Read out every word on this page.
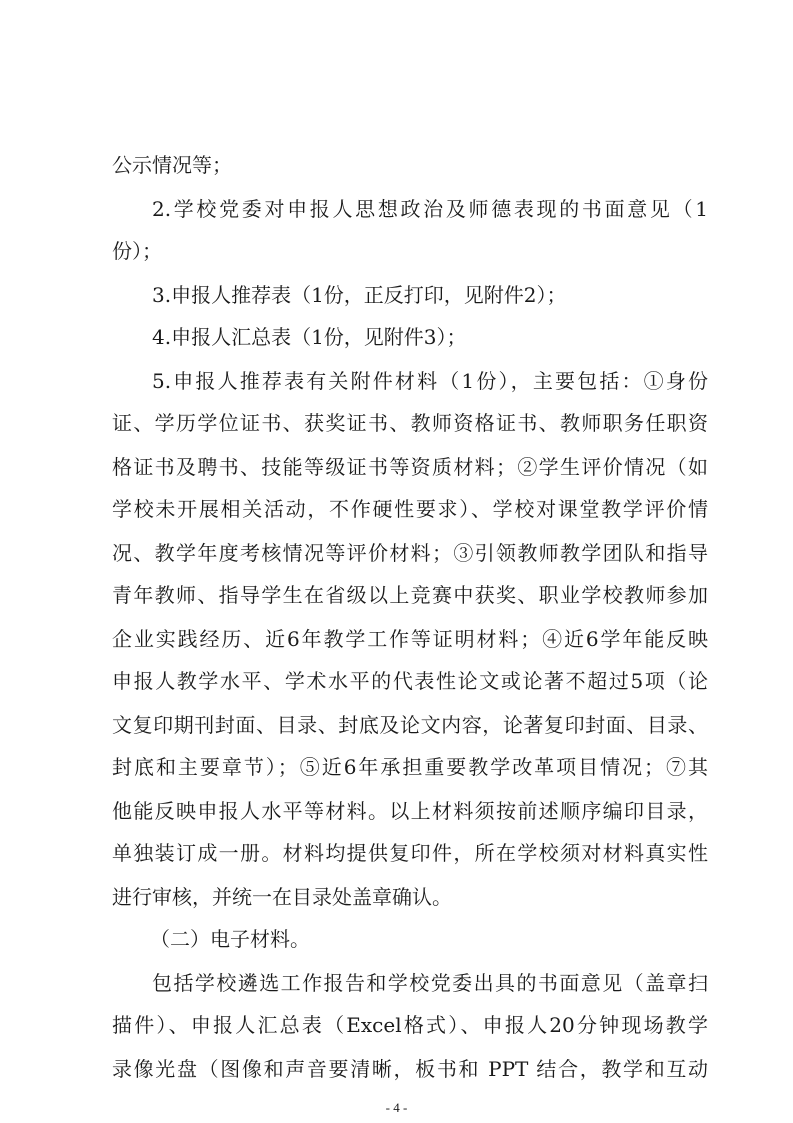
公示情况等；
2.学校党委对申报人思想政治及师德表现的书面意见（1
份）；
3.申报人推荐表（1份，正反打印，见附件2）；
4.申报人汇总表（1份，见附件3）；
5.申报人推荐表有关附件材料（1份），主要包括：①身份
证、学历学位证书、获奖证书、教师资格证书、教师职务任职资
格证书及聘书、技能等级证书等资质材料；②学生评价情况（如
学校未开展相关活动，不作硬性要求）、学校对课堂教学评价情
况、教学年度考核情况等评价材料；③引领教师教学团队和指导
青年教师、指导学生在省级以上竞赛中获奖、职业学校教师参加
企业实践经历、近6年教学工作等证明材料；④近6学年能反映
申报人教学水平、学术水平的代表性论文或论著不超过5项（论
文复印期刊封面、目录、封底及论文内容，论著复印封面、目录、
封底和主要章节）；⑤近6年承担重要教学改革项目情况；⑦其
他能反映申报人水平等材料。以上材料须按前述顺序编印目录，
单独装订成一册。材料均提供复印件，所在学校须对材料真实性
进行审核，并统一在目录处盖章确认。
（二）电子材料。
包括学校遴选工作报告和学校党委出具的书面意见（盖章扫
描件）、申报人汇总表（Excel格式）、申报人20分钟现场教学
录像光盘（图像和声音要清晰，板书和 PPT 结合，教学和互动
- 4 -
